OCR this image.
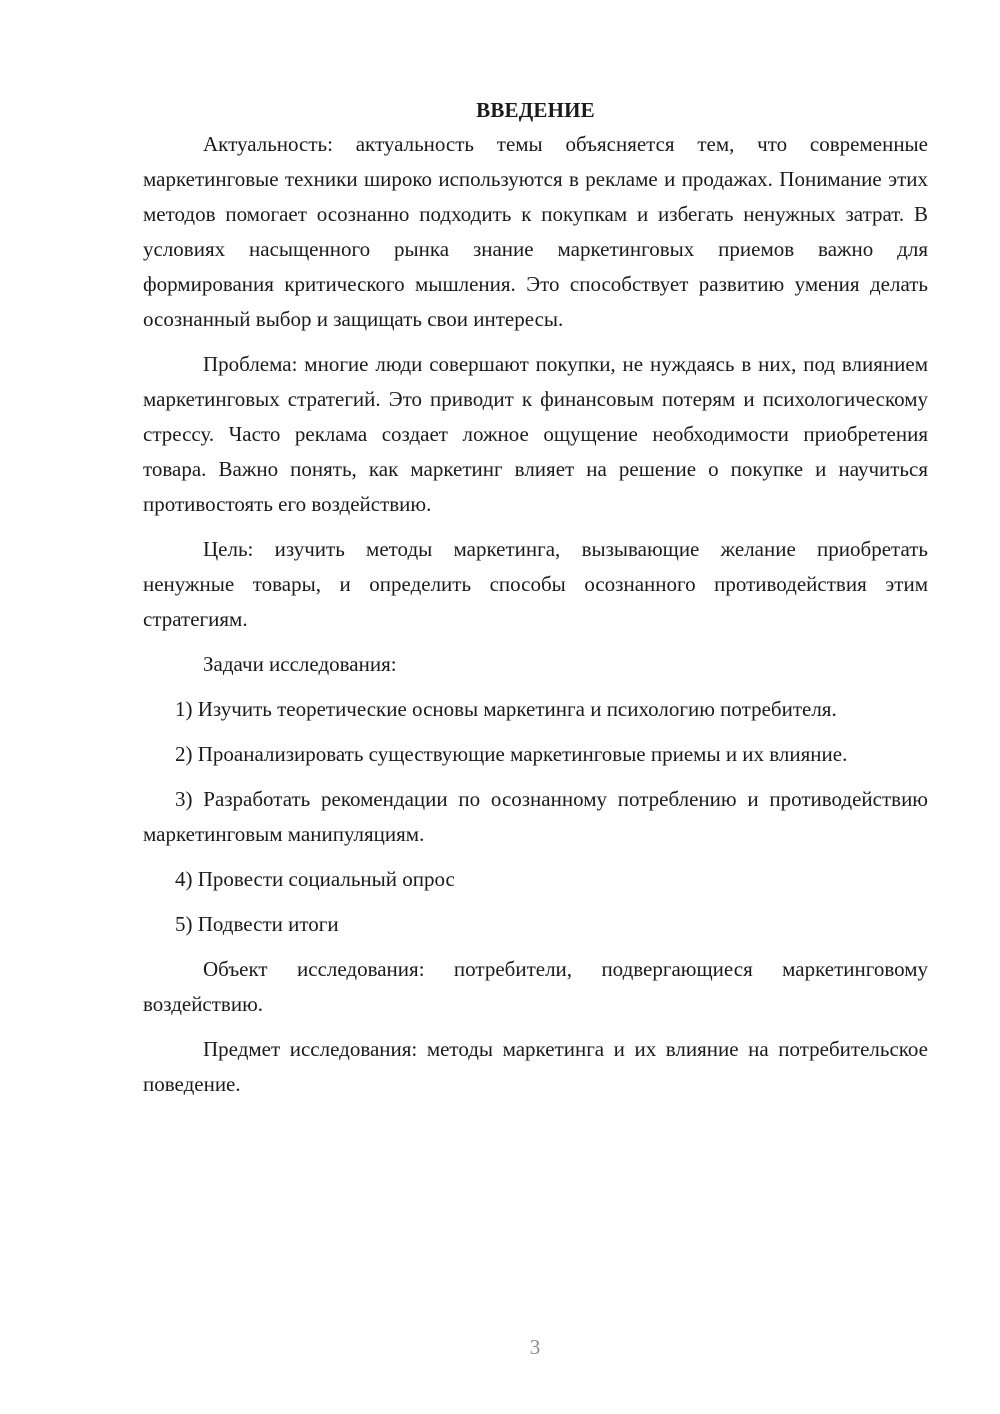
ВВЕДЕНИЕ

Актуальность: актуальность темы объясняется тем, что современные маркетинговые техники широко используются в рекламе и продажах. Понимание этих методов помогает осознанно подходить к покупкам и избегать ненужных затрат. В условиях насыщенного рынка знание маркетинговых приемов важно для формирования критического мышления. Это способствует развитию умения делать осознанный выбор и защищать свои интересы.

Проблема: многие люди совершают покупки, не нуждаясь в них, под влиянием маркетинговых стратегий. Это приводит к финансовым потерям и психологическому стрессу. Часто реклама создает ложное ощущение необходимости приобретения товара. Важно понять, как маркетинг влияет на решение о покупке и научиться противостоять его воздействию.

Цель: изучить методы маркетинга, вызывающие желание приобретать ненужные товары, и определить способы осознанного противодействия этим стратегиям.

Задачи исследования:

1) Изучить теоретические основы маркетинга и психологию потребителя.

2) Проанализировать существующие маркетинговые приемы и их влияние.

3) Разработать рекомендации по осознанному потреблению и противодействию маркетинговым манипуляциям.

4) Провести социальный опрос

5) Подвести итоги

Объект исследования: потребители, подвергающиеся маркетинговому воздействию.

Предмет исследования: методы маркетинга и их влияние на потребительское поведение.

3
